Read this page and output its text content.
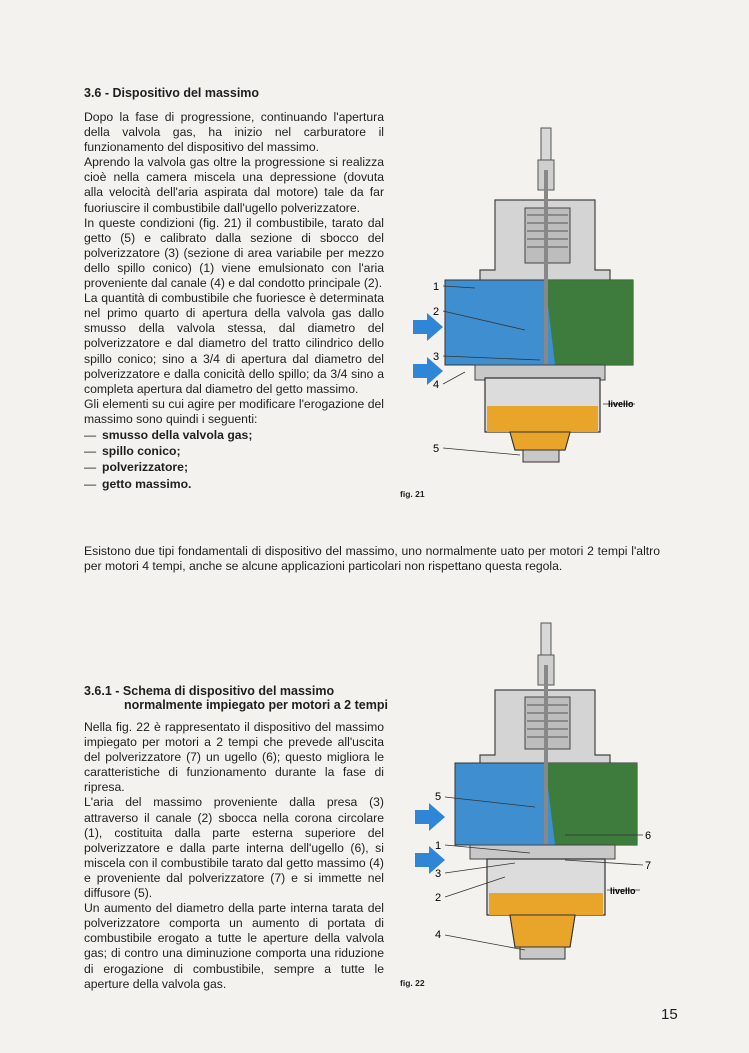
3.6 - Dispositivo del massimo

Dopo la fase di progressione, continuando l'apertura della valvola gas, ha inizio nel carburatore il funzionamento del dispositivo del massimo.

Aprendo la valvola gas oltre la progressione si realizza cioè nella camera miscela una depressione (dovuta alla velocità dell'aria aspirata dal motore) tale da far fuoriuscire il combustibile dall'ugello polverizzatore.

In queste condizioni (fig. 21) il combustibile, tarato dal getto (5) e calibrato dalla sezione di sbocco del polverizzatore (3) (sezione di area variabile per mezzo dello spillo conico) (1) viene emulsionato con l'aria proveniente dal canale (4) e dal condotto principale (2).

La quantità di combustibile che fuoriesce è determinata nel primo quarto di apertura della valvola gas dallo smusso della valvola stessa, dal diametro del polverizzatore e dal diametro del tratto cilindrico dello spillo conico; sino a 3/4 di apertura dal diametro del polverizzatore e dalla conicità dello spillo; da 3/4 sino a completa apertura dal diametro del getto massimo.

Gli elementi su cui agire per modificare l'erogazione del massimo sono quindi i seguenti:

— smusso della valvola gas;
— spillo conico;
— polverizzatore;
— getto massimo.
Esistono due tipi fondamentali di dispositivo del massimo, uno normalmente uato per motori 2 tempi l'altro per motori 4 tempi, anche se alcune applicazioni particolari non rispettano questa regola.
3.6.1 - Schema di dispositivo del massimo
normalmente impiegato per motori a 2 tempi

Nella fig. 22 è rappresentato il dispositivo del massimo impiegato per motori a 2 tempi che prevede all'uscita del polverizzatore (7) un ugello (6); questo migliora le caratteristiche di funzionamento durante la fase di ripresa.

L'aria del massimo proveniente dalla presa (3) attraverso il canale (2) sbocca nella corona circolare (1), costituita dalla parte esterna superiore del polverizzatore e dalla parte interna dell'ugello (6), si miscela con il combustibile tarato dal getto massimo (4) e proveniente dal polverizzatore (7) e si immette nel diffusore (5).

Un aumento del diametro della parte interna tarata del polverizzatore comporta un aumento di portata di combustibile erogato a tutte le aperture della valvola gas; di contro una diminuzione comporta una riduzione di erogazione di combustibile, sempre a tutte le aperture della valvola gas.

1
2
3
4
5
livello
fig. 21
5
1
3
2
4
6
7
livello
fig. 22
15
